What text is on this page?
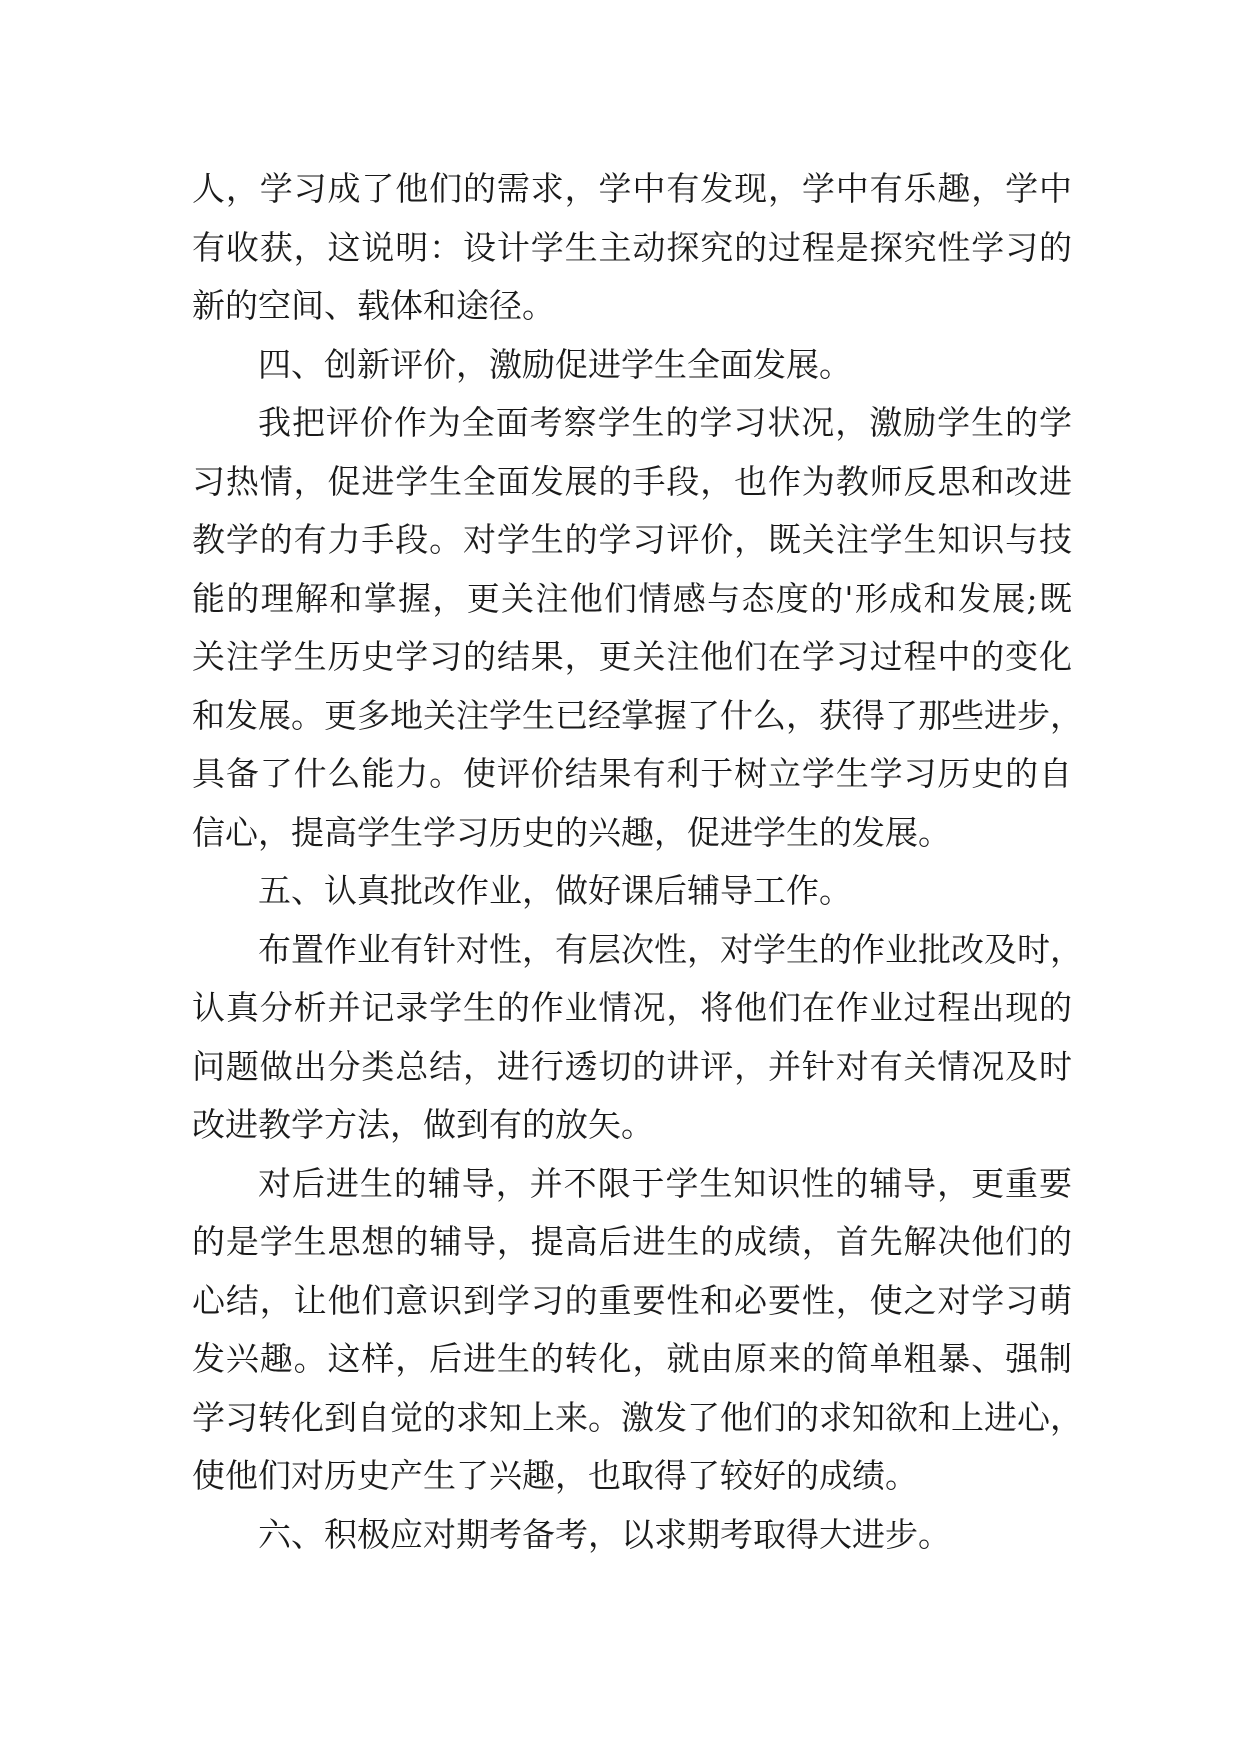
人，学习成了他们的需求，学中有发现，学中有乐趣，学中
有收获，这说明：设计学生主动探究的过程是探究性学习的
新的空间、载体和途径。
四、创新评价，激励促进学生全面发展。
我把评价作为全面考察学生的学习状况，激励学生的学
习热情，促进学生全面发展的手段，也作为教师反思和改进
教学的有力手段。对学生的学习评价，既关注学生知识与技
能的理解和掌握，更关注他们情感与态度的'形成和发展;既
关注学生历史学习的结果，更关注他们在学习过程中的变化
和发展。更多地关注学生已经掌握了什么，获得了那些进步，
具备了什么能力。使评价结果有利于树立学生学习历史的自
信心，提高学生学习历史的兴趣，促进学生的发展。
五、认真批改作业，做好课后辅导工作。
布置作业有针对性，有层次性，对学生的作业批改及时，
认真分析并记录学生的作业情况，将他们在作业过程出现的
问题做出分类总结，进行透切的讲评，并针对有关情况及时
改进教学方法，做到有的放矢。
对后进生的辅导，并不限于学生知识性的辅导，更重要
的是学生思想的辅导，提高后进生的成绩，首先解决他们的
心结，让他们意识到学习的重要性和必要性，使之对学习萌
发兴趣。这样，后进生的转化，就由原来的简单粗暴、强制
学习转化到自觉的求知上来。激发了他们的求知欲和上进心，
使他们对历史产生了兴趣，也取得了较好的成绩。
六、积极应对期考备考，以求期考取得大进步。
